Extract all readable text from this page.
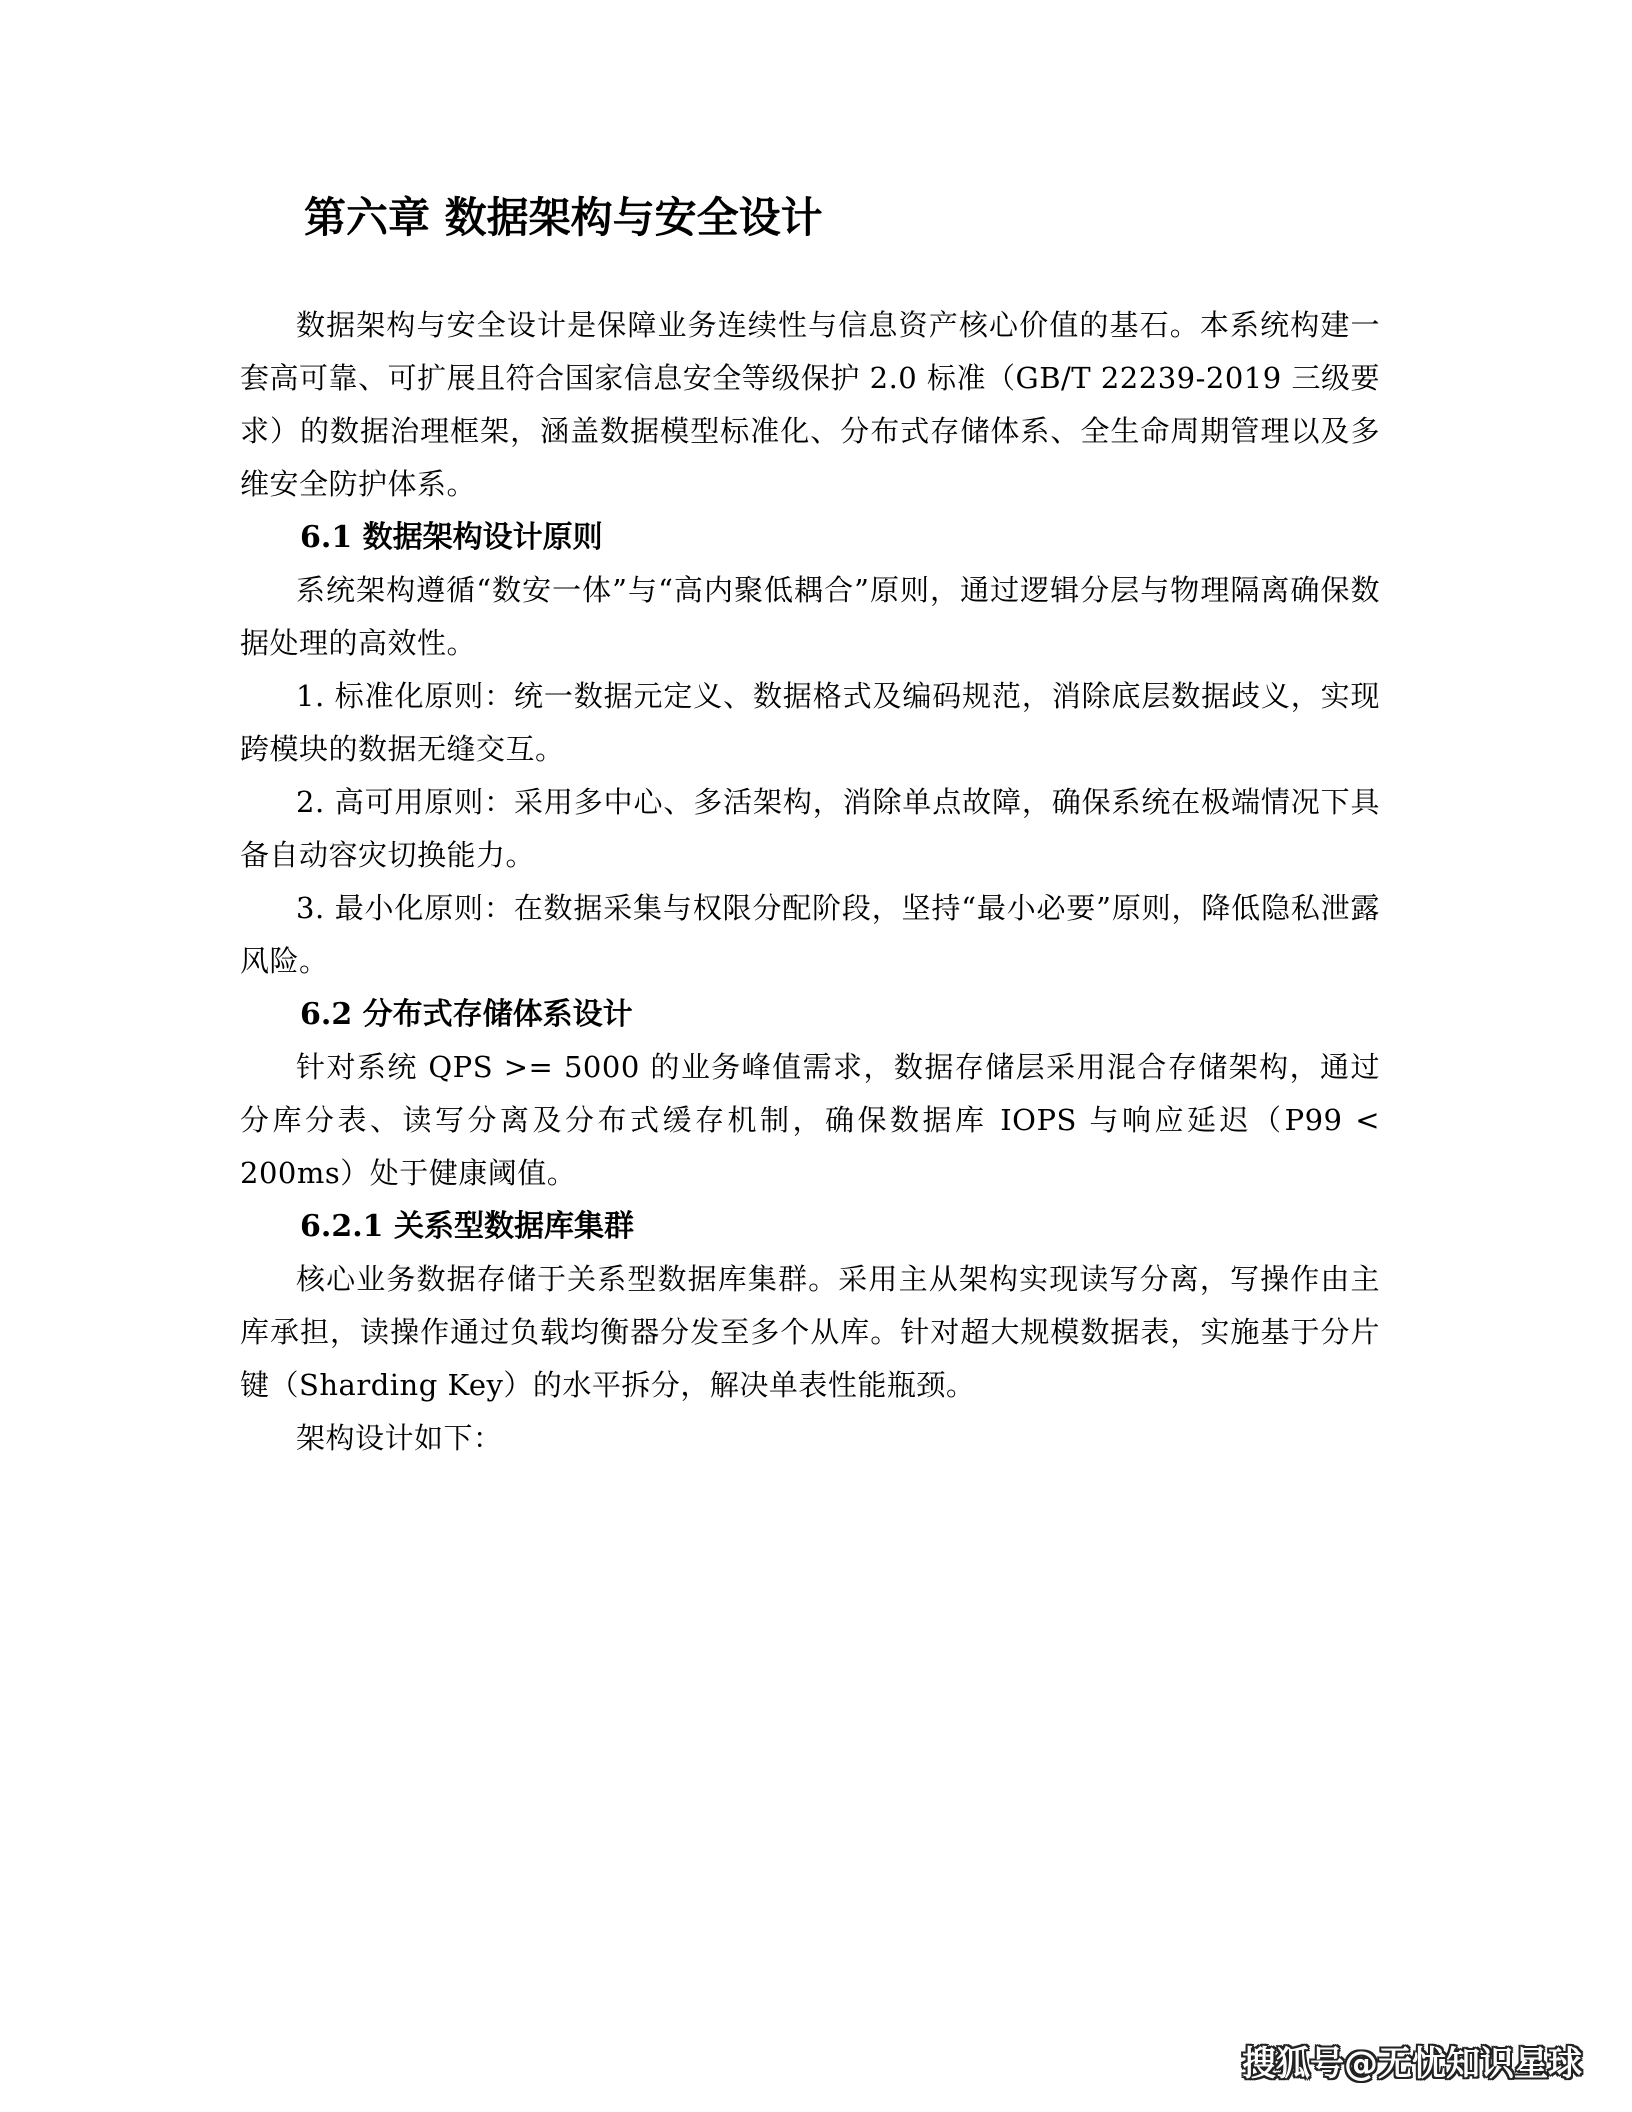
第六章 数据架构与安全设计

数据架构与安全设计是保障业务连续性与信息资产核心价值的基石。本系统构建一套高可靠、可扩展且符合国家信息安全等级保护 2.0 标准（GB/T 22239-2019 三级要求）的数据治理框架，涵盖数据模型标准化、分布式存储体系、全生命周期管理以及多维安全防护体系。

6.1 数据架构设计原则

系统架构遵循“数安一体”与“高内聚低耦合”原则，通过逻辑分层与物理隔离确保数据处理的高效性。

1. 标准化原则：统一数据元定义、数据格式及编码规范，消除底层数据歧义，实现跨模块的数据无缝交互。

2. 高可用原则：采用多中心、多活架构，消除单点故障，确保系统在极端情况下具备自动容灾切换能力。

3. 最小化原则：在数据采集与权限分配阶段，坚持“最小必要”原则，降低隐私泄露风险。

6.2 分布式存储体系设计

针对系统 QPS >= 5000 的业务峰值需求，数据存储层采用混合存储架构，通过分库分表、读写分离及分布式缓存机制，确保数据库 IOPS 与响应延迟（P99 < 200ms）处于健康阈值。

6.2.1 关系型数据库集群

核心业务数据存储于关系型数据库集群。采用主从架构实现读写分离，写操作由主库承担，读操作通过负载均衡器分发至多个从库。针对超大规模数据表，实施基于分片键（Sharding Key）的水平拆分，解决单表性能瓶颈。

架构设计如下：

搜狐号@无忧知识星球
